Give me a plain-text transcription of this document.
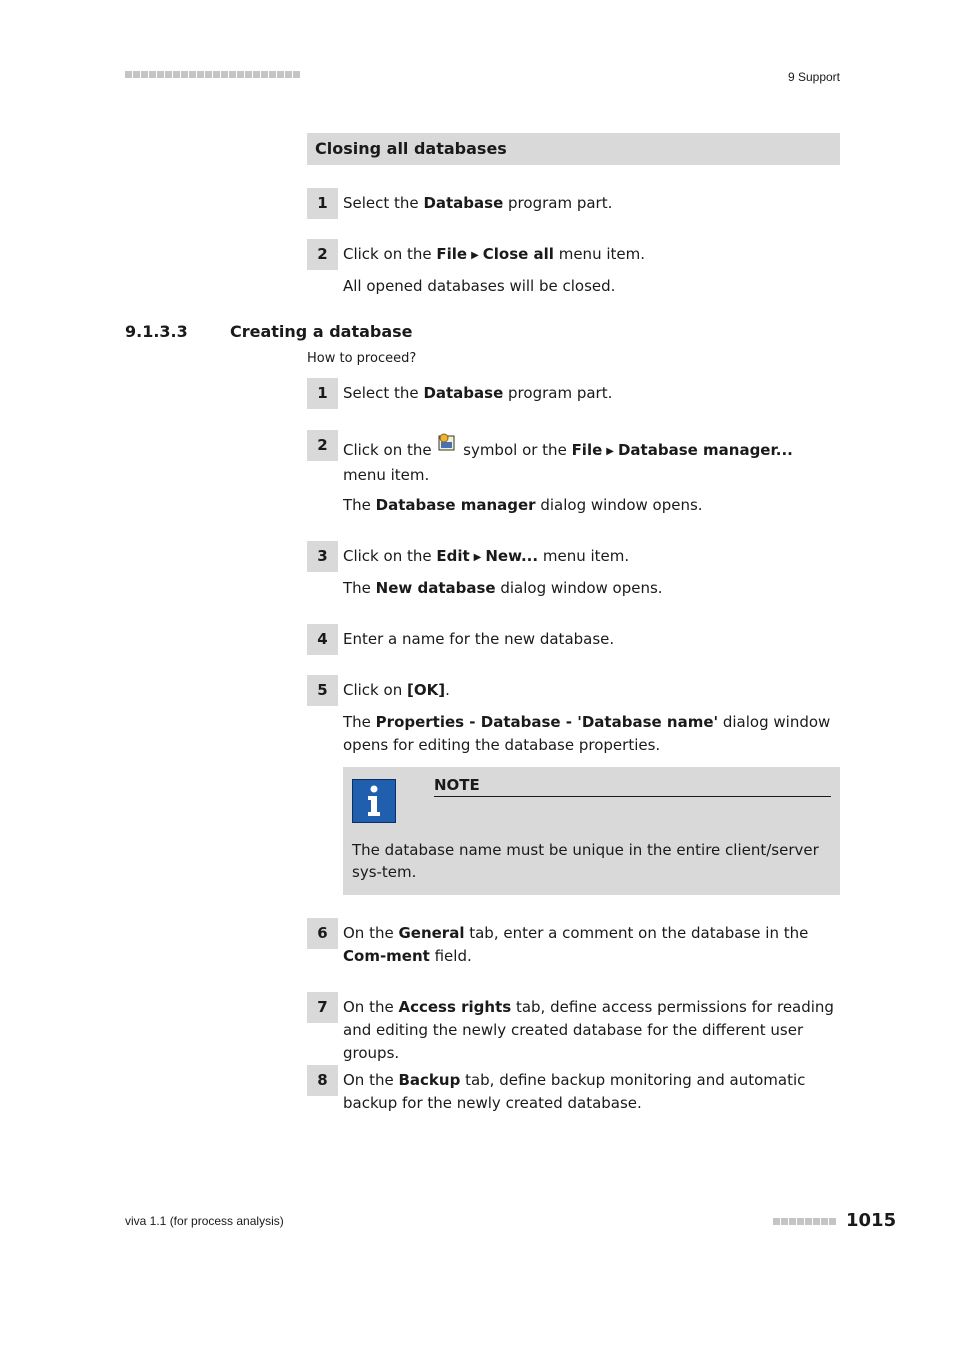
9 Support
Closing all databases
1	Select the Database program part.
2	Click on the File ▶ Close all menu item.
All opened databases will be closed.
9.1.3.3	Creating a database
How to proceed?
1	Select the Database program part.
2	Click on the  symbol or the File ▶ Database manager... menu item.
The Database manager dialog window opens.
3	Click on the Edit ▶ New... menu item.
The New database dialog window opens.
4	Enter a name for the new database.
5	Click on [OK].
The Properties - Database - 'Database name' dialog window opens for editing the database properties.
NOTE
The database name must be unique in the entire client/server sys-tem.
6	On the General tab, enter a comment on the database in the Com-ment field.
7	On the Access rights tab, define access permissions for reading and editing the newly created database for the different user groups.
8	On the Backup tab, define backup monitoring and automatic backup for the newly created database.
viva 1.1 (for process analysis)	1015
